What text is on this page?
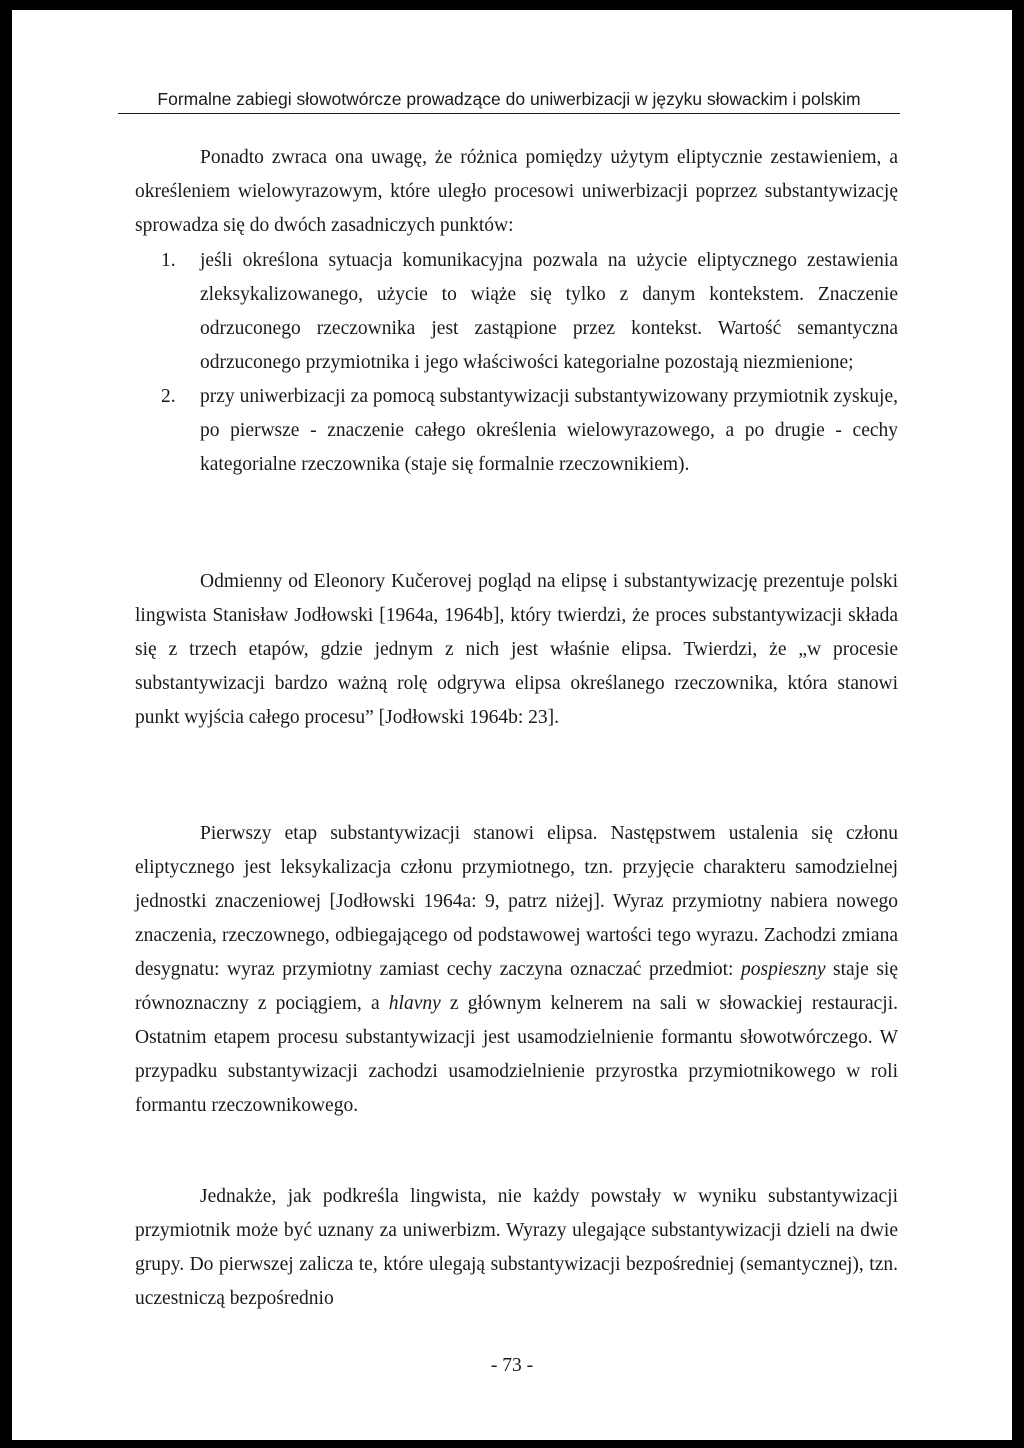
Formalne zabiegi słowotwórcze prowadzące do uniwerbizacji w języku słowackim i polskim
Ponadto zwraca ona uwagę, że różnica pomiędzy użytym eliptycznie zestawieniem, a określeniem wielowyrazowym, które uległo procesowi uniwerbizacji poprzez substantywizację sprowadza się do dwóch zasadniczych punktów:
1. jeśli określona sytuacja komunikacyjna pozwala na użycie eliptycznego zestawienia zleksykalizowanego, użycie to wiąże się tylko z danym kontekstem. Znaczenie odrzuconego rzeczownika jest zastąpione przez kontekst. Wartość semantyczna odrzuconego przymiotnika i jego właściwości kategorialne pozostają niezmienione;
2. przy uniwerbizacji za pomocą substantywizacji substantywizowany przymiotnik zyskuje, po pierwsze - znaczenie całego określenia wielowyrazowego, a po drugie - cechy kategorialne rzeczownika (staje się formalnie rzeczownikiem).
Odmienny od Eleonory Kučerovej pogląd na elipsę i substantywizację prezentuje polski lingwista Stanisław Jodłowski [1964a, 1964b], który twierdzi, że proces substantywizacji składa się z trzech etapów, gdzie jednym z nich jest właśnie elipsa. Twierdzi, że „w procesie substantywizacji bardzo ważną rolę odgrywa elipsa określanego rzeczownika, która stanowi punkt wyjścia całego procesu” [Jodłowski 1964b: 23].
Pierwszy etap substantywizacji stanowi elipsa. Następstwem ustalenia się członu eliptycznego jest leksykalizacja członu przymiotnego, tzn. przyjęcie charakteru samodzielnej jednostki znaczeniowej [Jodłowski 1964a: 9, patrz niżej]. Wyraz przymiotny nabiera nowego znaczenia, rzeczownego, odbiegającego od podstawowej wartości tego wyrazu. Zachodzi zmiana desygnatu: wyraz przymiotny zamiast cechy zaczyna oznaczać przedmiot: pospieszny staje się równoznaczny z pociągiem, a hlavny z głównym kelnerem na sali w słowackiej restauracji. Ostatnim etapem procesu substantywizacji jest usamodzielnienie formantu słowotwórczego. W przypadku substantywizacji zachodzi usamodzielnienie przyrostka przymiotnikowego w roli formantu rzeczownikowego.
Jednakże, jak podkreśla lingwista, nie każdy powstały w wyniku substantywizacji przymiotnik może być uznany za uniwerbizm. Wyrazy ulegające substantywizacji dzieli na dwie grupy. Do pierwszej zalicza te, które ulegają substantywizacji bezpośredniej (semantycznej), tzn. uczestniczą bezpośrednio
- 73 -
